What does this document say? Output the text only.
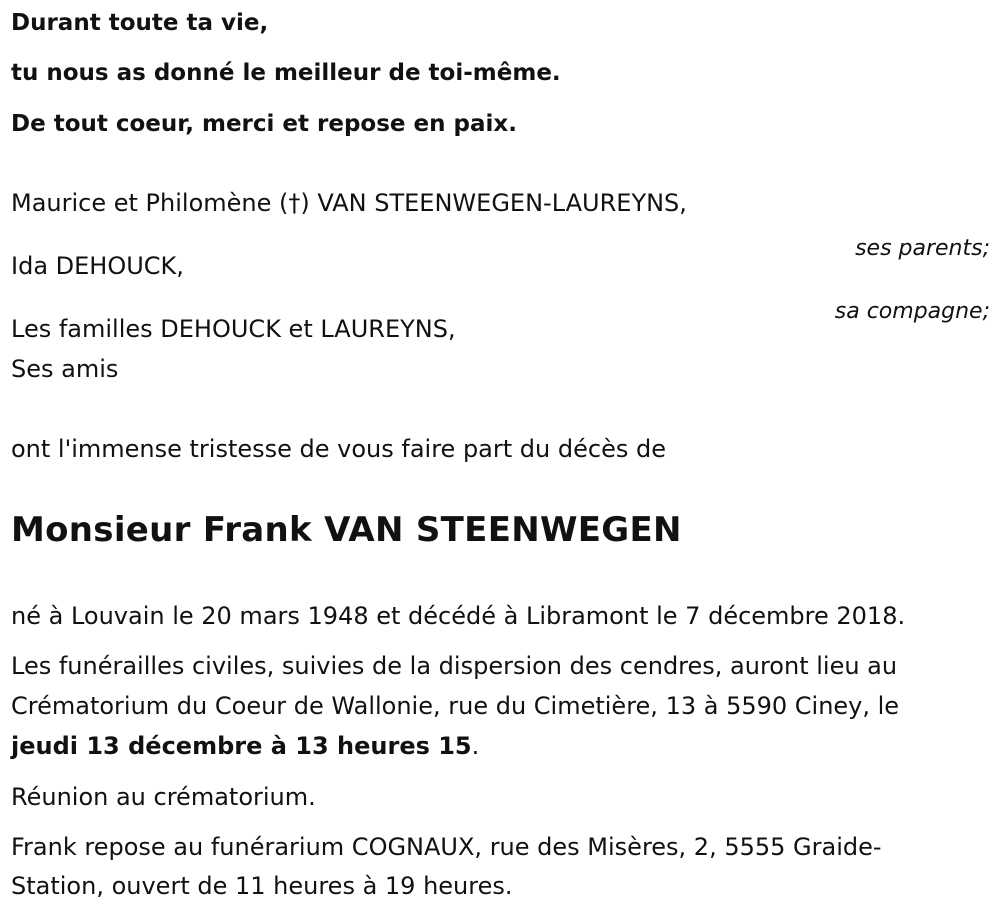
Durant toute ta vie,

tu nous as donné le meilleur de toi-même.

De tout coeur, merci et repose en paix.

Maurice et Philomène (†) VAN STEENWEGEN-LAUREYNS,

ses parents;

Ida DEHOUCK,

sa compagne;

Les familles DEHOUCK et LAUREYNS,

Ses amis

ont l'immense tristesse de vous faire part du décès de

Monsieur Frank VAN STEENWEGEN

né à Louvain le 20 mars 1948 et décédé à Libramont le 7 décembre 2018.

Les funérailles civiles, suivies de la dispersion des cendres, auront lieu au

Crématorium du Coeur de Wallonie, rue du Cimetière, 13 à 5590 Ciney, le

jeudi 13 décembre à 13 heures 15.

Réunion au crématorium.

Frank repose au funérarium COGNAUX, rue des Misères, 2, 5555 Graide-

Station, ouvert de 11 heures à 19 heures.
